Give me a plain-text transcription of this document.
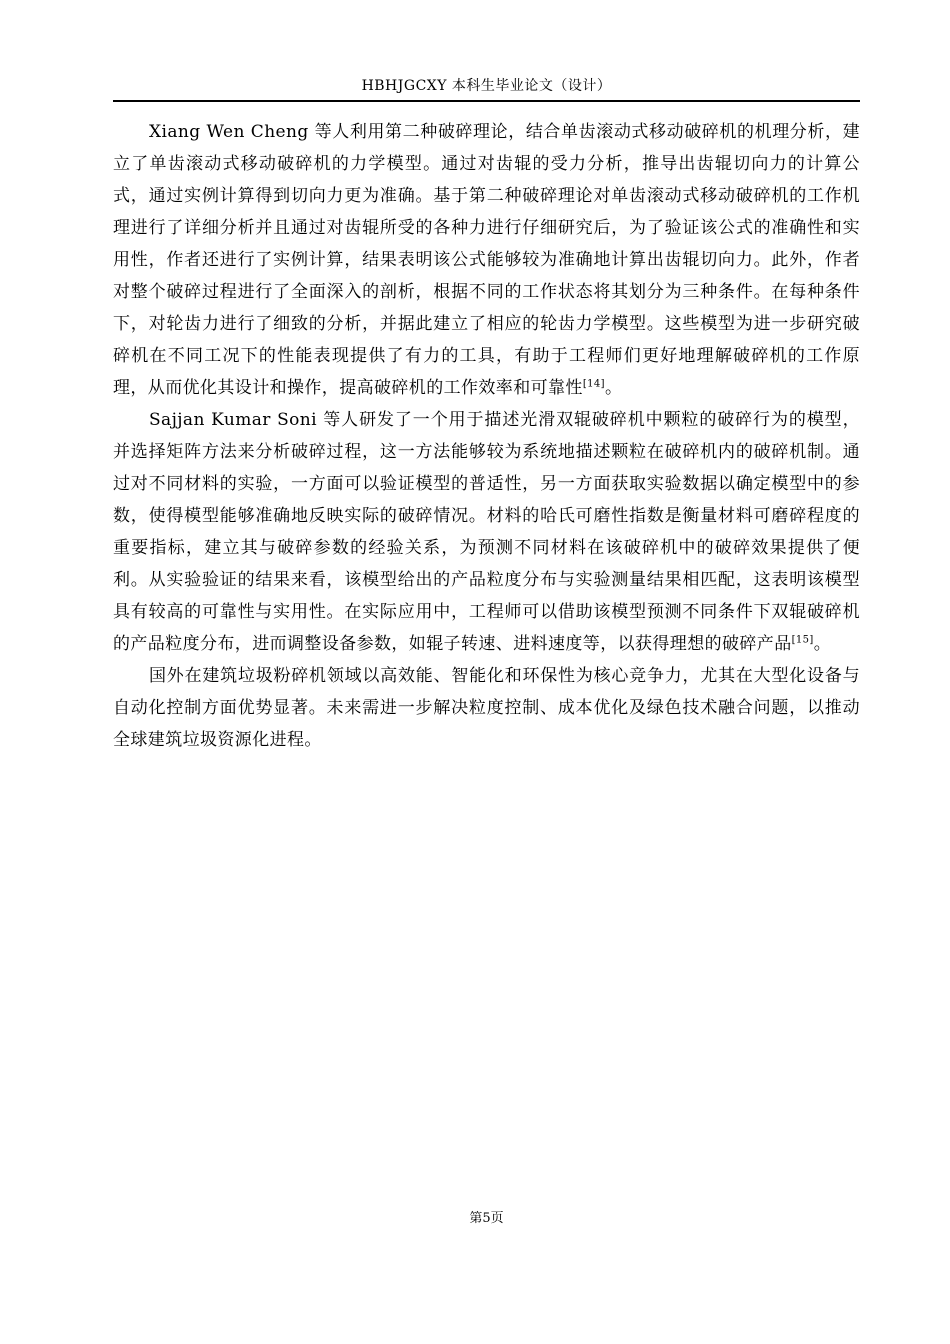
HBHJGCXY 本科生毕业论文（设计）

Xiang Wen Cheng 等人利用第二种破碎理论，结合单齿滚动式移动破碎机的机理分析，建立了单齿滚动式移动破碎机的力学模型。通过对齿辊的受力分析，推导出齿辊切向力的计算公式，通过实例计算得到切向力更为准确。基于第二种破碎理论对单齿滚动式移动破碎机的工作机理进行了详细分析并且通过对齿辊所受的各种力进行仔细研究后，为了验证该公式的准确性和实用性，作者还进行了实例计算，结果表明该公式能够较为准确地计算出齿辊切向力。此外，作者对整个破碎过程进行了全面深入的剖析，根据不同的工作状态将其划分为三种条件。在每种条件下，对轮齿力进行了细致的分析，并据此建立了相应的轮齿力学模型。这些模型为进一步研究破碎机在不同工况下的性能表现提供了有力的工具，有助于工程师们更好地理解破碎机的工作原理，从而优化其设计和操作，提高破碎机的工作效率和可靠性[14]。

Sajjan Kumar Soni 等人研发了一个用于描述光滑双辊破碎机中颗粒的破碎行为的模型，并选择矩阵方法来分析破碎过程，这一方法能够较为系统地描述颗粒在破碎机内的破碎机制。通过对不同材料的实验，一方面可以验证模型的普适性，另一方面获取实验数据以确定模型中的参数，使得模型能够准确地反映实际的破碎情况。材料的哈氏可磨性指数是衡量材料可磨碎程度的重要指标，建立其与破碎参数的经验关系，为预测不同材料在该破碎机中的破碎效果提供了便利。从实验验证的结果来看，该模型给出的产品粒度分布与实验测量结果相匹配，这表明该模型具有较高的可靠性与实用性。在实际应用中，工程师可以借助该模型预测不同条件下双辊破碎机的产品粒度分布，进而调整设备参数，如辊子转速、进料速度等，以获得理想的破碎产品[15]。

国外在建筑垃圾粉碎机领域以高效能、智能化和环保性为核心竞争力，尤其在大型化设备与自动化控制方面优势显著。未来需进一步解决粒度控制、成本优化及绿色技术融合问题，以推动全球建筑垃圾资源化进程。

第5页
